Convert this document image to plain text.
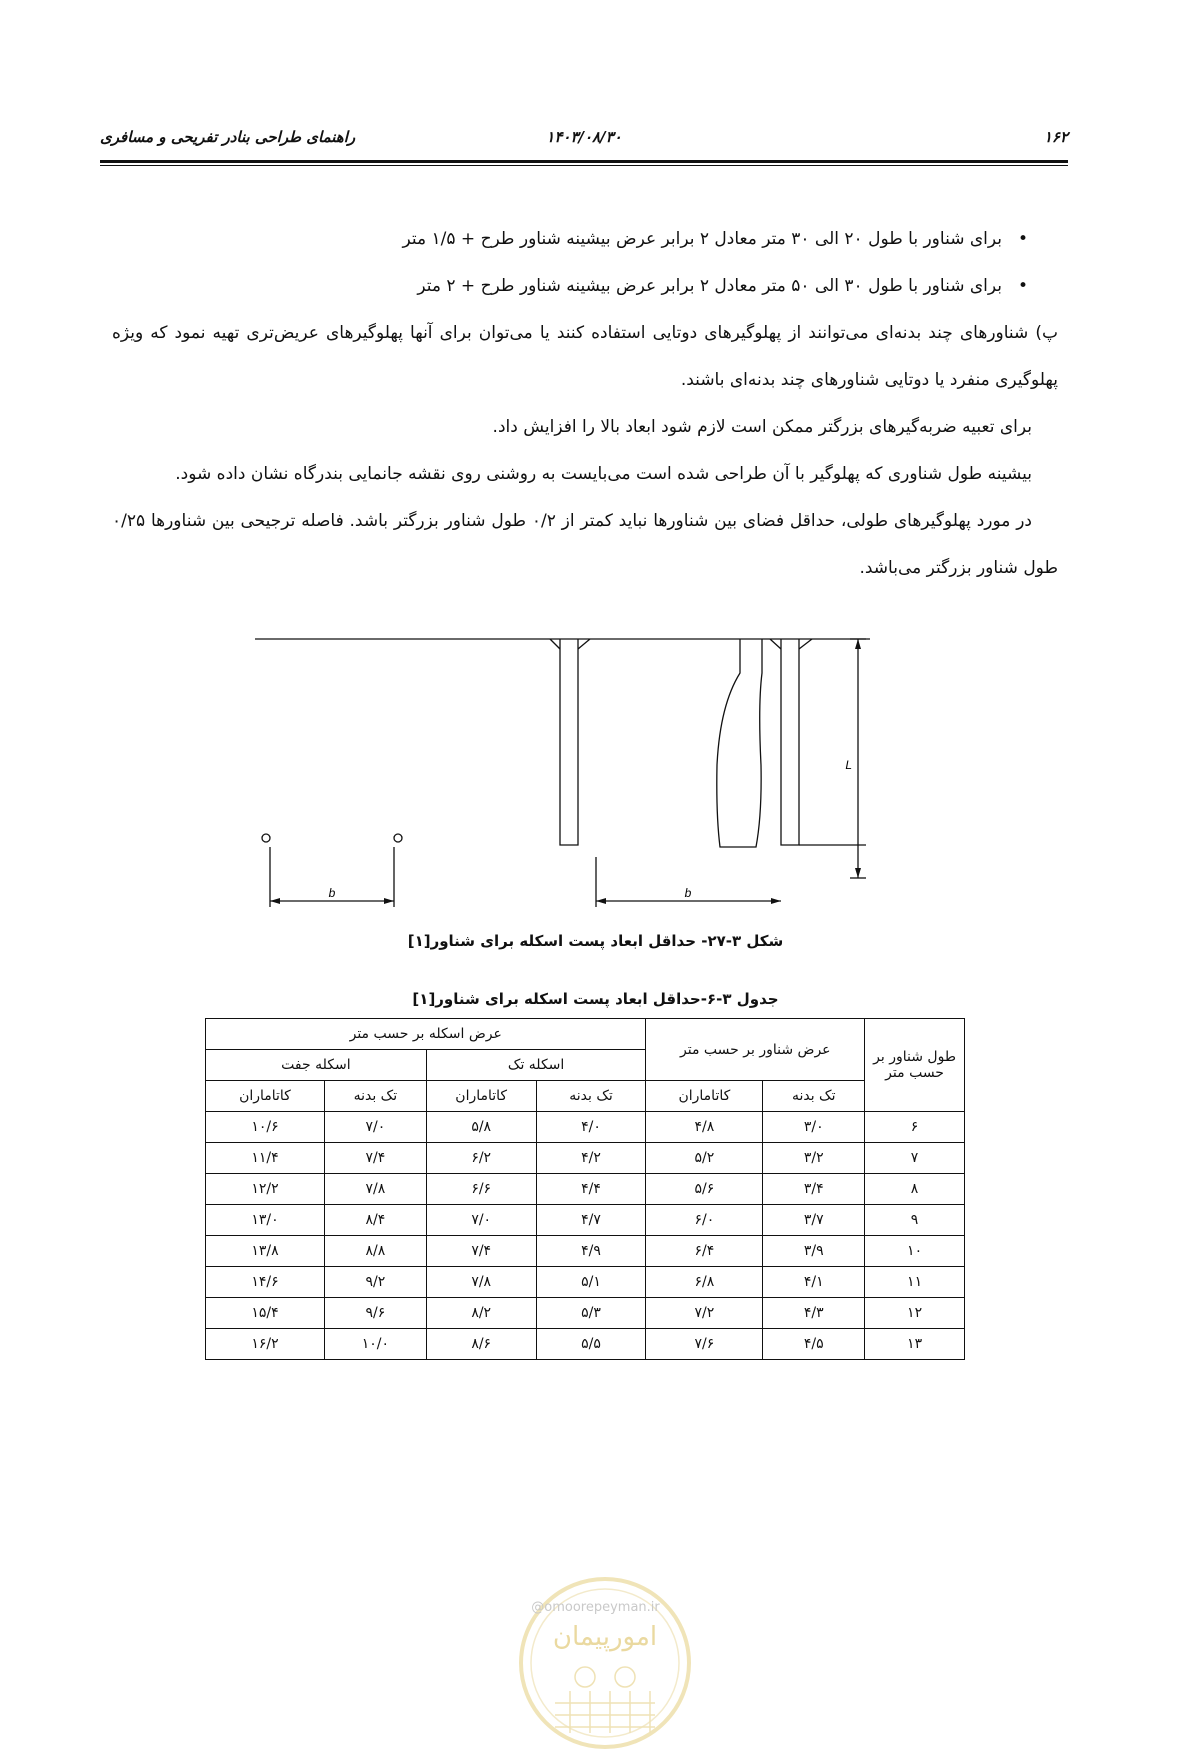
۱۶۲
۱۴۰۳/۰۸/۳۰
راهنمای طراحی بنادر تفریحی و مسافری

•
برای شناور با طول ۲۰ الی ۳۰ متر معادل ۲ برابر عرض بیشینه شناور طرح + ۱/۵ متر

•
برای شناور با طول ۳۰ الی ۵۰ متر معادل ۲ برابر عرض بیشینه شناور طرح + ۲ متر

پ) شناورهای چند بدنه‌ای می‌توانند از پهلوگیرهای دوتایی استفاده کنند یا می‌توان برای آنها پهلوگیرهای عریض‌تری تهیه نمود که ویژه پهلوگیری منفرد یا دوتایی شناورهای چند بدنه‌ای باشند.

برای تعبیه ضربه‌گیرهای بزرگتر ممکن است لازم شود ابعاد بالا را افزایش داد.

بیشینه طول شناوری که پهلوگیر با آن طراحی شده است می‌بایست به روشنی روی نقشه جانمایی بندرگاه نشان داده شود.

در مورد پهلوگیرهای طولی، حداقل فضای بین شناورها نباید کمتر از ۰/۲ طول شناور بزرگتر باشد. فاصله ترجیحی بین شناورها ۰/۲۵ طول شناور بزرگتر می‌باشد.

b	b
L
شکل ۳-۲۷- حداقل ابعاد پست اسکله برای شناور[۱]
جدول ۳-۶-حداقل ابعاد پست اسکله برای شناور[۱]
طول شناور بر حسب متر	عرض شناور بر حسب متر		عرض اسکله بر حسب متر			
			اسکله تک		اسکله جفت	
	تک بدنه	کاتاماران	تک بدنه	کاتاماران	تک بدنه	کاتاماران
۶	۳/۰	۴/۸	۴/۰	۵/۸	۷/۰	۱۰/۶
۷	۳/۲	۵/۲	۴/۲	۶/۲	۷/۴	۱۱/۴
۸	۳/۴	۵/۶	۴/۴	۶/۶	۷/۸	۱۲/۲
۹	۳/۷	۶/۰	۴/۷	۷/۰	۸/۴	۱۳/۰
۱۰	۳/۹	۶/۴	۴/۹	۷/۴	۸/۸	۱۳/۸
۱۱	۴/۱	۶/۸	۵/۱	۷/۸	۹/۲	۱۴/۶
۱۲	۴/۳	۷/۲	۵/۳	۸/۲	۹/۶	۱۵/۴
۱۳	۴/۵	۷/۶	۵/۵	۸/۶	۱۰/۰	۱۶/۲
امورپیمان
@omoorepeyman.ir
